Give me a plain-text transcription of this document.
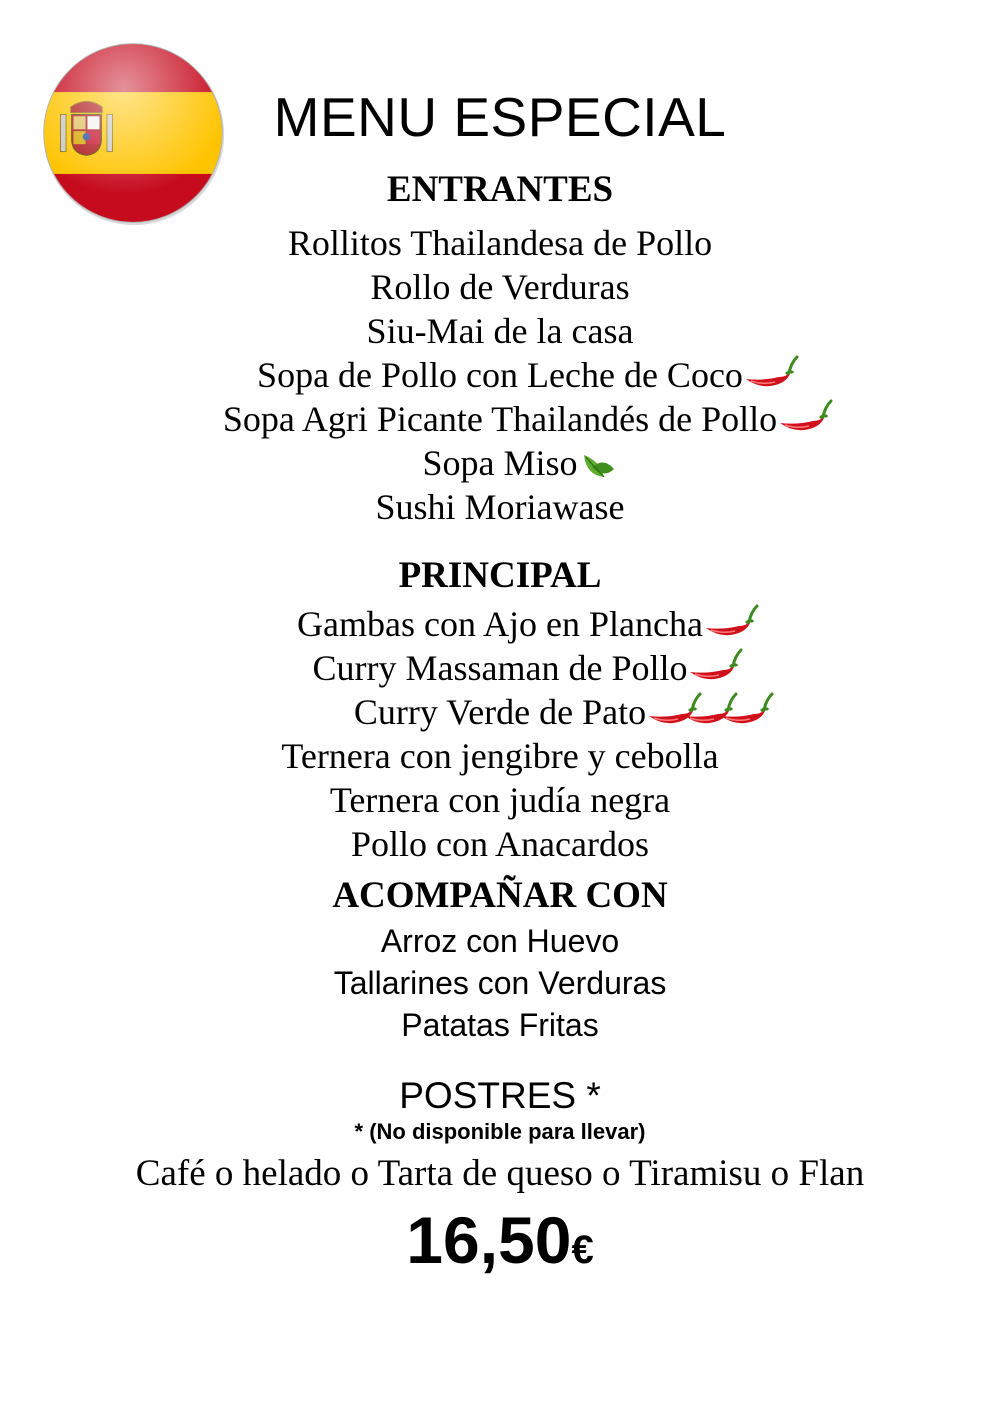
MENU ESPECIAL
ENTRANTES
Rollitos Thailandesa de Pollo
Rollo de Verduras
Siu-Mai de la casa
Sopa de Pollo con Leche de Coco
Sopa Agri Picante Thailandés de Pollo
Sopa Miso
Sushi Moriawase
PRINCIPAL
Gambas con Ajo en Plancha
Curry Massaman de Pollo
Curry Verde de Pato
Ternera con jengibre y cebolla
Ternera con judía negra
Pollo con Anacardos
ACOMPAÑAR CON
Arroz con Huevo
Tallarines con Verduras
Patatas Fritas
POSTRES *
* (No disponible para llevar)
Café o helado o Tarta de queso o Tiramisu o Flan
16,50€
